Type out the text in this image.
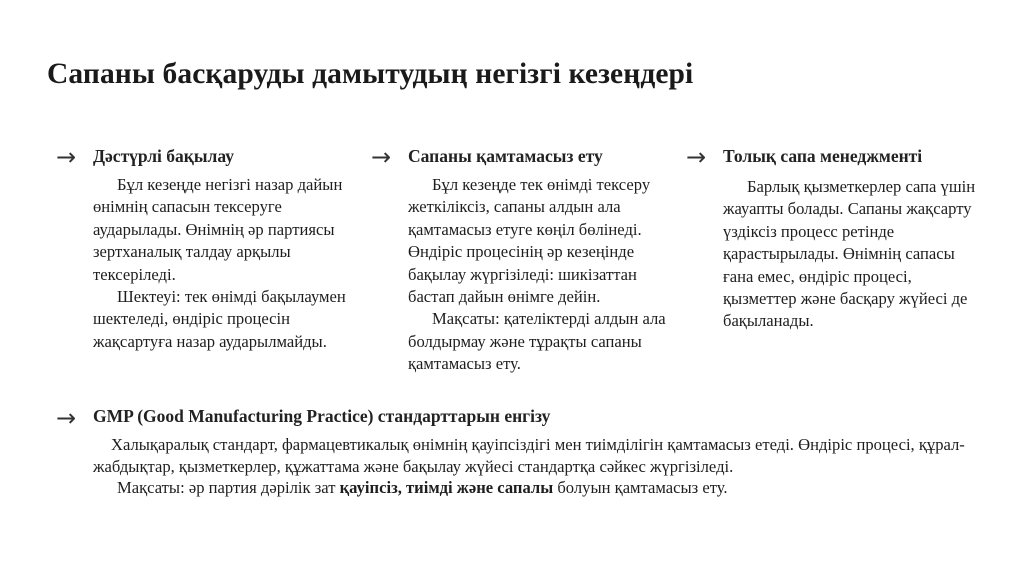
Сапаны басқаруды дамытудың негізгі кезеңдері
→ Дәстүрлі бақылау

Бұл кезеңде негізгі назар дайын өнімнің сапасын тексеруге аударылады. Өнімнің әр партиясы зертханалық талдау арқылы тексеріледі.

Шектеуі: тек өнімді бақылаумен шектеледі, өндіріс процесін жақсартуға назар аударылмайды.

→ Сапаны қамтамасыз ету

Бұл кезеңде тек өнімді тексеру жеткіліксіз, сапаны алдын ала қамтамасыз етуге көңіл бөлінеді. Өндіріс процесінің әр кезеңінде бақылау жүргізіледі: шикізаттан бастап дайын өнімге дейін.

Мақсаты: қателіктерді алдын ала болдырмау және тұрақты сапаны қамтамасыз ету.

→ Толық сапа менеджменті

Барлық қызметкерлер сапа үшін жауапты болады. Сапаны жақсарту үздіксіз процесс ретінде қарастырылады. Өнімнің сапасы ғана емес, өндіріс процесі, қызметтер және басқару жүйесі де бақыланады.

→ GMP (Good Manufacturing Practice) стандарттарын енгізу

Халықаралық стандарт, фармацевтикалық өнімнің қауіпсіздігі мен тиімділігін қамтамасыз етеді. Өндіріс процесі, құрал-жабдықтар, қызметкерлер, құжаттама және бақылау жүйесі стандартқа сәйкес жүргізіледі.

Мақсаты: әр партия дәрілік зат қауіпсіз, тиімді және сапалы болуын қамтамасыз ету.
